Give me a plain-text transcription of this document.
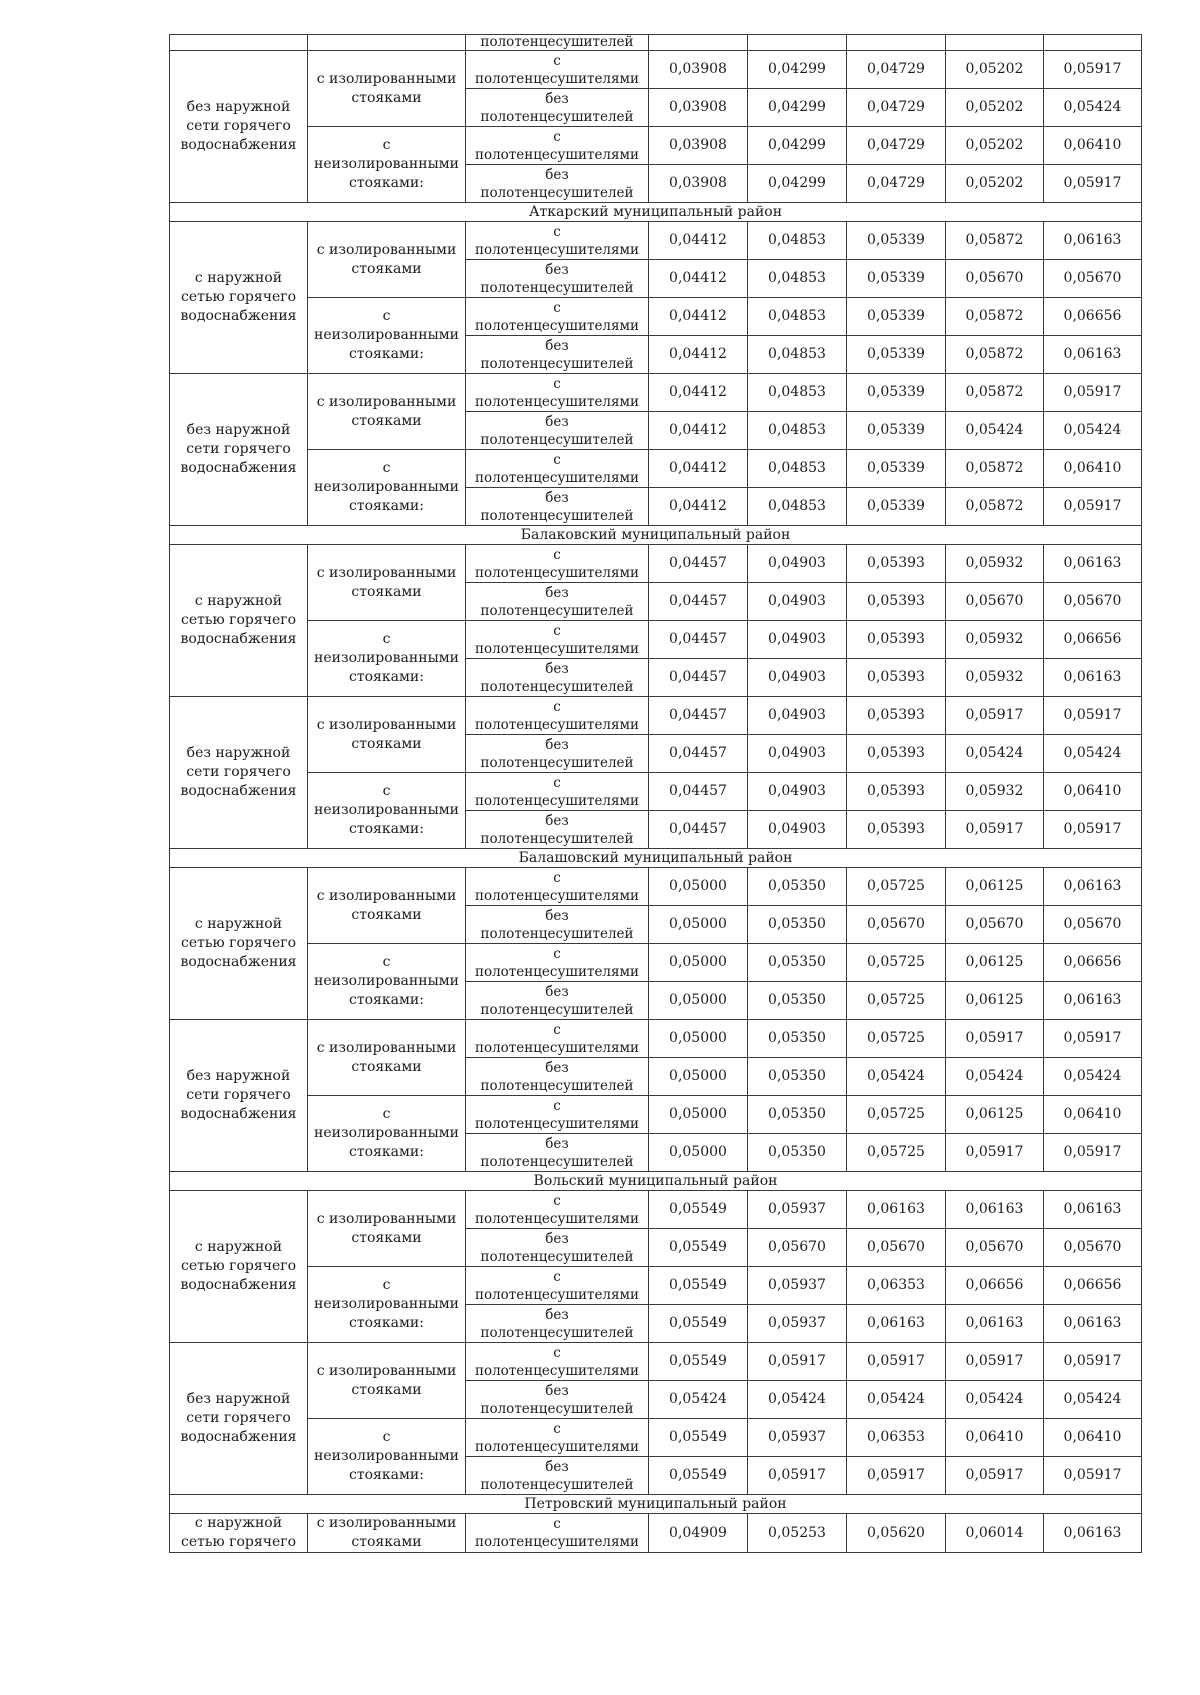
		полотенцесушителей					
без наружной сети горячего водоснабжения	с изолированными стояками	с
полотенцесушителями	0,03908	0,04299	0,04729	0,05202	0,05917

		без
полотенцесушителей	0,03908	0,04299	0,04729	0,05202	0,05424
	с неизолированными стояками:	с
полотенцесушителями	0,03908	0,04299	0,04729	0,05202	0,06410

		без
полотенцесушителей	0,03908	0,04299	0,04729	0,05202	0,05917
Аткарский муниципальный район							
с наружной сетью горячего водоснабжения	с изолированными стояками	с
полотенцесушителями	0,04412	0,04853	0,05339	0,05872	0,06163

		без
полотенцесушителей	0,04412	0,04853	0,05339	0,05670	0,05670
	с неизолированными стояками:	с
полотенцесушителями	0,04412	0,04853	0,05339	0,05872	0,06656

		без
полотенцесушителей	0,04412	0,04853	0,05339	0,05872	0,06163
без наружной сети горячего водоснабжения	с изолированными стояками	с
полотенцесушителями	0,04412	0,04853	0,05339	0,05872	0,05917

		без
полотенцесушителей	0,04412	0,04853	0,05339	0,05424	0,05424
	с неизолированными стояками:	с
полотенцесушителями	0,04412	0,04853	0,05339	0,05872	0,06410

		без
полотенцесушителей	0,04412	0,04853	0,05339	0,05872	0,05917
Балаковский муниципальный район							
с наружной сетью горячего водоснабжения	с изолированными стояками	с
полотенцесушителями	0,04457	0,04903	0,05393	0,05932	0,06163

		без
полотенцесушителей	0,04457	0,04903	0,05393	0,05670	0,05670
	с неизолированными стояками:	с
полотенцесушителями	0,04457	0,04903	0,05393	0,05932	0,06656

		без
полотенцесушителей	0,04457	0,04903	0,05393	0,05932	0,06163
без наружной сети горячего водоснабжения	с изолированными стояками	с
полотенцесушителями	0,04457	0,04903	0,05393	0,05917	0,05917

		без
полотенцесушителей	0,04457	0,04903	0,05393	0,05424	0,05424
	с неизолированными стояками:	с
полотенцесушителями	0,04457	0,04903	0,05393	0,05932	0,06410

		без
полотенцесушителей	0,04457	0,04903	0,05393	0,05917	0,05917
Балашовский муниципальный район							
с наружной сетью горячего водоснабжения	с изолированными стояками	с
полотенцесушителями	0,05000	0,05350	0,05725	0,06125	0,06163

		без
полотенцесушителей	0,05000	0,05350	0,05670	0,05670	0,05670
	с неизолированными стояками:	с
полотенцесушителями	0,05000	0,05350	0,05725	0,06125	0,06656

		без
полотенцесушителей	0,05000	0,05350	0,05725	0,06125	0,06163
без наружной сети горячего водоснабжения	с изолированными стояками	с
полотенцесушителями	0,05000	0,05350	0,05725	0,05917	0,05917

		без
полотенцесушителей	0,05000	0,05350	0,05424	0,05424	0,05424
	с неизолированными стояками:	с
полотенцесушителями	0,05000	0,05350	0,05725	0,06125	0,06410

		без
полотенцесушителей	0,05000	0,05350	0,05725	0,05917	0,05917
Вольский муниципальный район							
с наружной сетью горячего водоснабжения	с изолированными стояками	с
полотенцесушителями	0,05549	0,05937	0,06163	0,06163	0,06163

		без
полотенцесушителей	0,05549	0,05670	0,05670	0,05670	0,05670
	с неизолированными стояками:	с
полотенцесушителями	0,05549	0,05937	0,06353	0,06656	0,06656

		без
полотенцесушителей	0,05549	0,05937	0,06163	0,06163	0,06163
без наружной сети горячего водоснабжения	с изолированными стояками	с
полотенцесушителями	0,05549	0,05917	0,05917	0,05917	0,05917

		без
полотенцесушителей	0,05424	0,05424	0,05424	0,05424	0,05424
	с неизолированными стояками:	с
полотенцесушителями	0,05549	0,05937	0,06353	0,06410	0,06410

		без
полотенцесушителей	0,05549	0,05917	0,05917	0,05917	0,05917
Петровский муниципальный район							
с наружной сетью горячего	с изолированными стояками	с
полотенцесушителями	0,04909	0,05253	0,05620	0,06014	0,06163
